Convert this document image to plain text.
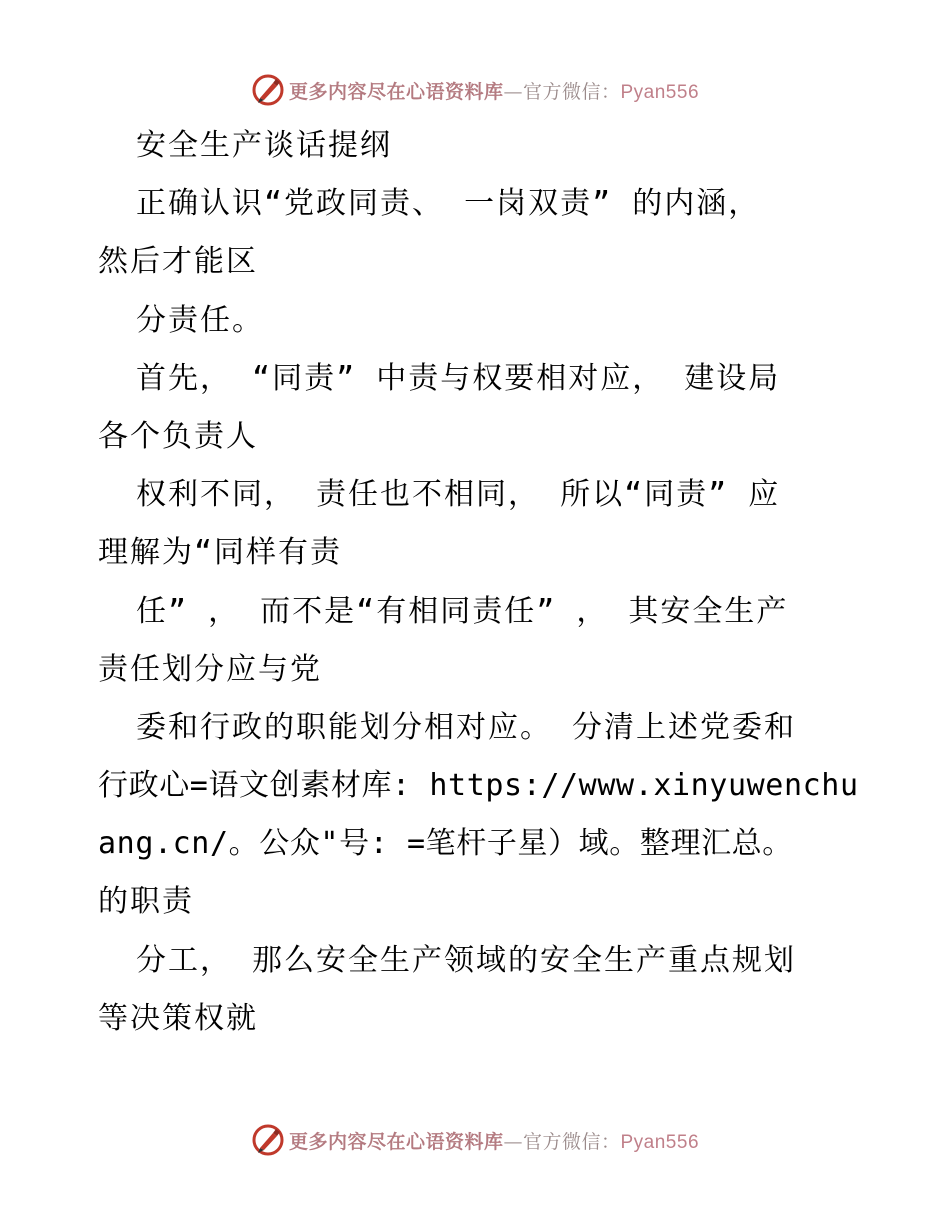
更多内容尽在心语资料库—官方微信：Pyan556
安全生产谈话提纲
正确认识“党政同责、 一岗双责” 的内涵，
然后才能区
分责任。
首先， “同责” 中责与权要相对应， 建设局
各个负责人
权利不同， 责任也不相同， 所以“同责” 应
理解为“同样有责
任” ， 而不是“有相同责任” ， 其安全生产
责任划分应与党
委和行政的职能划分相对应。 分清上述党委和
行政心=语文创素材库: https://www.xinyuwenchu
ang.cn/。公众"号: =笔杆子星）域。整理汇总。
的职责
分工， 那么安全生产领域的安全生产重点规划
等决策权就
更多内容尽在心语资料库—官方微信：Pyan556
